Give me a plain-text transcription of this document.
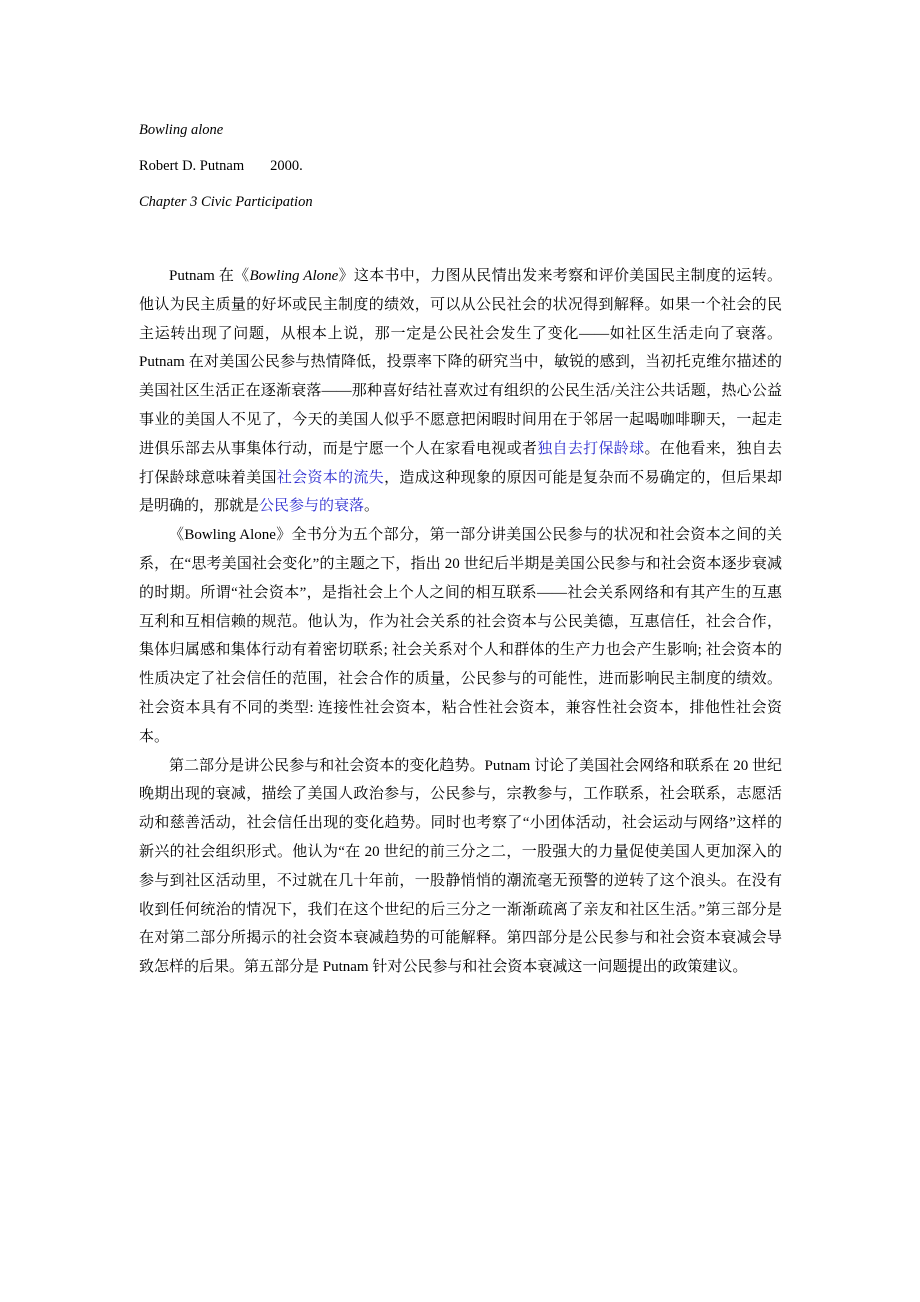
Bowling alone
Robert D. Putnam 2000.
Chapter 3 Civic Participation

Putnam 在《Bowling Alone》这本书中，力图从民情出发来考察和评价美国民主制度的运转。他认为民主质量的好坏或民主制度的绩效，可以从公民社会的状况得到解释。如果一个社会的民主运转出现了问题，从根本上说，那一定是公民社会发生了变化——如社区生活走向了衰落。Putnam 在对美国公民参与热情降低，投票率下降的研究当中，敏锐的感到，当初托克维尔描述的美国社区生活正在逐渐衰落——那种喜好结社喜欢过有组织的公民生活/关注公共话题，热心公益事业的美国人不见了，今天的美国人似乎不愿意把闲暇时间用在于邻居一起喝咖啡聊天，一起走进俱乐部去从事集体行动，而是宁愿一个人在家看电视或者独自去打保龄球。在他看来，独自去打保龄球意味着美国社会资本的流失，造成这种现象的原因可能是复杂而不易确定的，但后果却是明确的，那就是公民参与的衰落。

《Bowling Alone》全书分为五个部分，第一部分讲美国公民参与的状况和社会资本之间的关系，在“思考美国社会变化”的主题之下，指出 20 世纪后半期是美国公民参与和社会资本逐步衰减的时期。所谓“社会资本”，是指社会上个人之间的相互联系——社会关系网络和有其产生的互惠互利和互相信赖的规范。他认为，作为社会关系的社会资本与公民美德，互惠信任，社会合作，集体归属感和集体行动有着密切联系; 社会关系对个人和群体的生产力也会产生影响; 社会资本的性质决定了社会信任的范围，社会合作的质量，公民参与的可能性，进而影响民主制度的绩效。社会资本具有不同的类型: 连接性社会资本，粘合性社会资本，兼容性社会资本，排他性社会资本。

第二部分是讲公民参与和社会资本的变化趋势。Putnam 讨论了美国社会网络和联系在 20 世纪晚期出现的衰减，描绘了美国人政治参与，公民参与，宗教参与，工作联系，社会联系，志愿活动和慈善活动，社会信任出现的变化趋势。同时也考察了“小团体活动，社会运动与网络”这样的新兴的社会组织形式。他认为“在 20 世纪的前三分之二，一股强大的力量促使美国人更加深入的参与到社区活动里，不过就在几十年前，一股静悄悄的潮流毫无预警的逆转了这个浪头。在没有收到任何统治的情况下，我们在这个世纪的后三分之一渐渐疏离了亲友和社区生活。”第三部分是在对第二部分所揭示的社会资本衰减趋势的可能解释。第四部分是公民参与和社会资本衰减会导致怎样的后果。第五部分是 Putnam 针对公民参与和社会资本衰减这一问题提出的政策建议。
